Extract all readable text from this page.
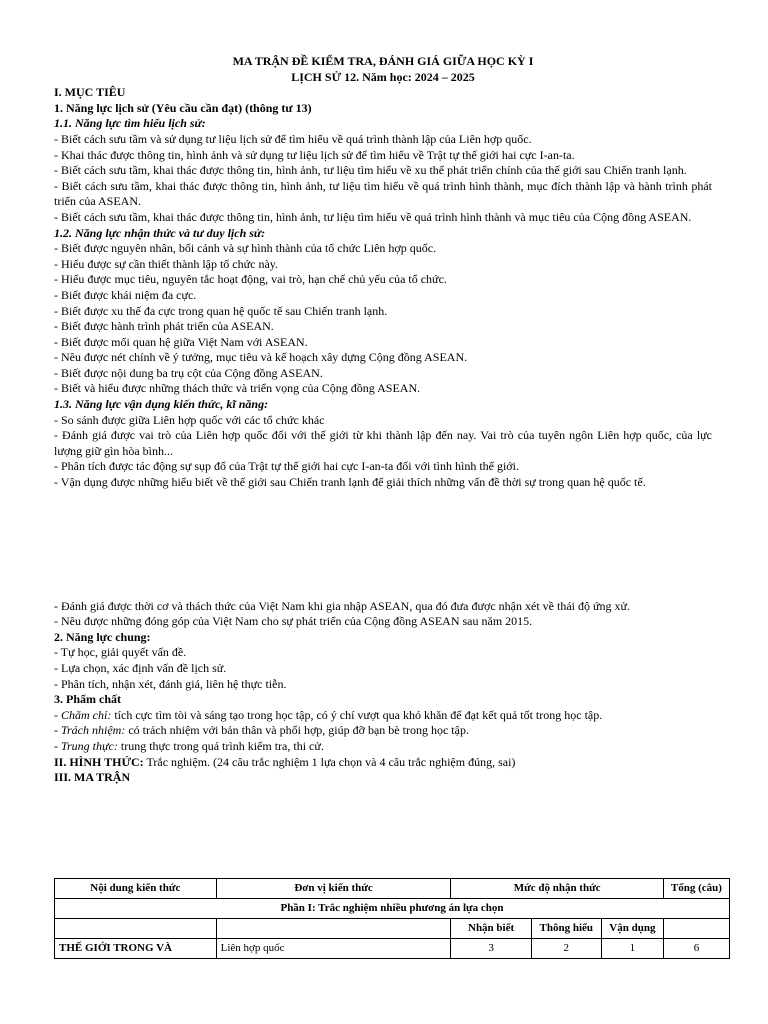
MA TRẬN ĐỀ KIỂM TRA, ĐÁNH GIÁ GIỮA HỌC KỲ I
LỊCH SỬ 12. Năm học: 2024 – 2025
I. MỤC TIÊU
1. Năng lực lịch sử (Yêu cầu cần đạt) (thông tư 13)
1.1. Năng lực tìm hiểu lịch sử:

- Biết cách sưu tầm và sử dụng tư liệu lịch sử để tìm hiểu về quá trình thành lập của Liên hợp quốc.

- Khai thác được thông tin, hình ảnh và sử dụng tư liệu lịch sử để tìm hiểu về Trật tự thế giới hai cực I-an-ta.

- Biết cách sưu tầm, khai thác được thông tin, hình ảnh, tư liệu tìm hiểu về xu thế phát triển chính của thế giới sau Chiến tranh lạnh.

- Biết cách sưu tầm, khai thác được thông tin, hình ảnh, tư liệu tìm hiểu về quá trình hình thành, mục đích thành lập và hành trình phát triển của ASEAN.

- Biết cách sưu tầm, khai thác được thông tin, hình ảnh, tư liệu tìm hiểu về quá trình hình thành và mục tiêu của Cộng đồng ASEAN.

1.2. Năng lực nhận thức và tư duy lịch sử:

- Biết được nguyên nhân, bối cảnh và sự hình thành của tổ chức Liên hợp quốc.

- Hiểu được sự cần thiết thành lập tổ chức này.

- Hiểu được mục tiêu, nguyên tắc hoạt động, vai trò, hạn chế chủ yếu của tổ chức.

- Biết được khái niệm đa cực.

- Biết được xu thế đa cực trong quan hệ quốc tế sau Chiến tranh lạnh.

- Biết được hành trình phát triển của ASEAN.

- Biết được mối quan hệ giữa Việt Nam với ASEAN.

- Nêu được nét chính về ý tưởng, mục tiêu và kế hoạch xây dựng Cộng đồng ASEAN.

- Biết được nội dung ba trụ cột của Cộng đồng ASEAN.

- Biết và hiểu được những thách thức và triển vọng của Cộng đồng ASEAN.

1.3. Năng lực vận dụng kiến thức, kĩ năng:

- So sánh được giữa Liên hợp quốc với các tổ chức khác

- Đánh giá được vai trò của Liên hợp quốc đối với thế giới từ khi thành lập đến nay. Vai trò của tuyên ngôn Liên hợp quốc, của lực lượng giữ gìn hòa bình...

- Phân tích được tác động sự sụp đổ của Trật tự thế giới hai cực I-an-ta đối với tình hình thế giới.

- Vận dụng được những hiểu biết về thế giới sau Chiến tranh lạnh để giải thích những vấn đề thời sự trong quan hệ quốc tế.

- Đánh giá được thời cơ và thách thức của Việt Nam khi gia nhập ASEAN, qua đó đưa được nhận xét về thái độ ứng xử.

- Nêu được những đóng góp của Việt Nam cho sự phát triển của Cộng đồng ASEAN sau năm 2015.

2. Năng lực chung:

- Tự học, giải quyết vấn đề.

- Lựa chọn, xác định vấn đề lịch sử.

- Phân tích, nhận xét, đánh giá, liên hệ thực tiễn.

3. Phẩm chất

- Chăm chỉ: tích cực tìm tòi và sáng tạo trong học tập, có ý chí vượt qua khó khăn để đạt kết quả tốt trong học tập.

- Trách nhiệm: có trách nhiệm với bản thân và phối hợp, giúp đỡ bạn bè trong học tập.

- Trung thực: trung thực trong quá trình kiểm tra, thi cử.

II. HÌNH THỨC: Trắc nghiệm. (24 câu trắc nghiệm 1 lựa chọn và 4 câu trắc nghiệm đúng, sai)
III. MA TRẬN
Nội dung kiến thức	Đơn vị kiến thức	Mức độ nhận thức			Tổng (câu)
Phần I: Trắc nghiệm nhiều phương án lựa chọn					
		Nhận biết	Thông hiểu	Vận dụng	
THẾ GIỚI TRONG VÀ	Liên hợp quốc	3	2	1	6
